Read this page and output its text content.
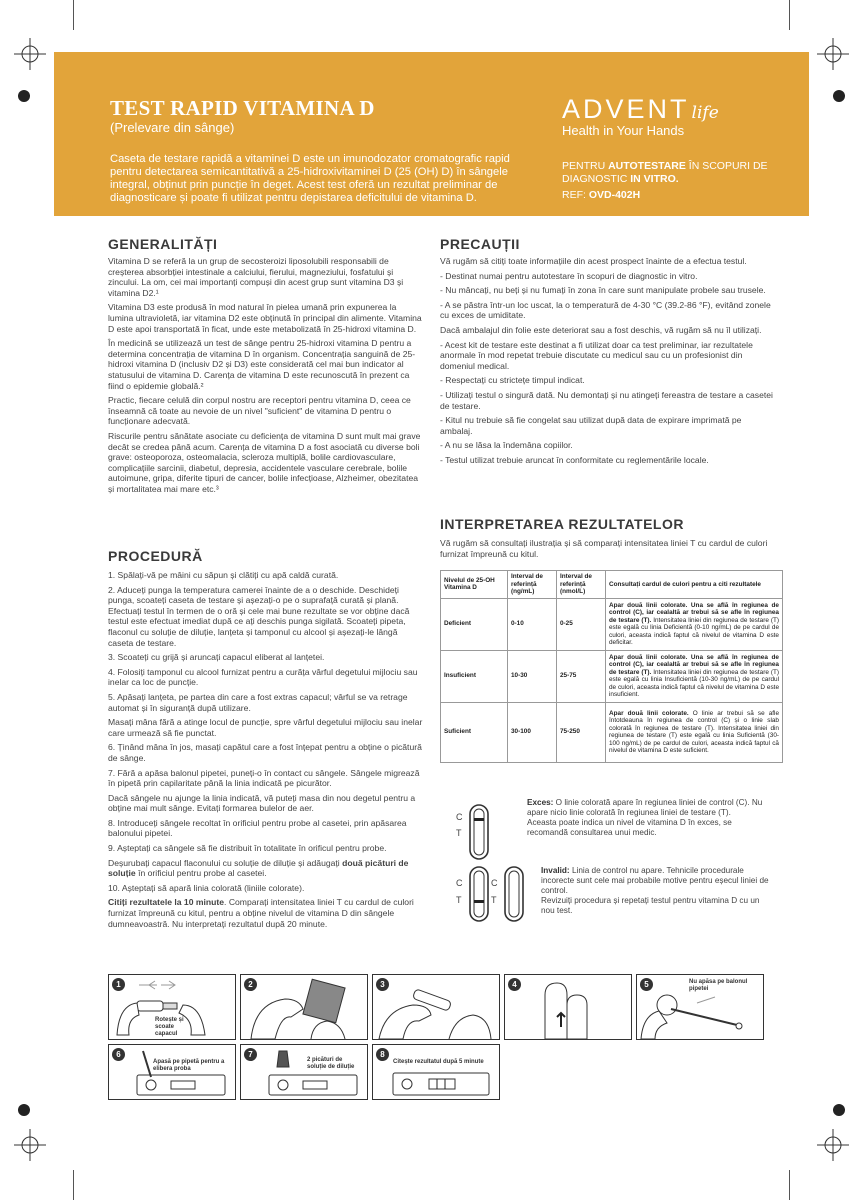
TEST RAPID VITAMINA D
(Prelevare din sânge)
Caseta de testare rapidă a vitaminei D este un imunodozator cromatografic rapid pentru detectarea semicantitativă a 25-hidroxivitaminei D (25 (OH) D) în sângele integral, obținut prin puncție în deget. Acest test oferă un rezultat preliminar de diagnosticare și poate fi utilizat pentru depistarea deficitului de vitamina D.
ADVENT life
Health in Your Hands
PENTRU AUTOTESTARE ÎN SCOPURI DE DIAGNOSTIC IN VITRO.
REF: OVD-402H
GENERALITĂȚI

Vitamina D se referă la un grup de secosteroizi liposolubili responsabili de creșterea absorbției intestinale a calciului, fierului, magneziului, fosfatului și zincului. La om, cei mai importanți compuși din acest grup sunt vitamina D3 și vitamina D2.¹

Vitamina D3 este produsă în mod natural în pielea umană prin expunerea la lumina ultravioletă, iar vitamina D2 este obținută în principal din alimente. Vitamina D este apoi transportată în ficat, unde este metabolizată în 25-hidroxi vitamina D.

În medicină se utilizează un test de sânge pentru 25-hidroxi vitamina D pentru a determina concentrația de vitamina D în organism. Concentrația sanguină de 25-hidroxi vitamina D (inclusiv D2 și D3) este considerată cel mai bun indicator al statusului de vitamina D. Carența de vitamina D este recunoscută în prezent ca fiind o epidemie globală.²

Practic, fiecare celulă din corpul nostru are receptori pentru vitamina D, ceea ce înseamnă că toate au nevoie de un nivel "suficient" de vitamina D pentru o funcționare adecvată.

Riscurile pentru sănătate asociate cu deficiența de vitamina D sunt mult mai grave decât se credea până acum. Carența de vitamina D a fost asociată cu diverse boli grave: osteoporoza, osteomalacia, scleroza multiplă, bolile cardiovasculare, complicațiile sarcinii, diabetul, depresia, accidentele vasculare cerebrale, bolile autoimune, gripa, diferite tipuri de cancer, bolile infecțioase, Alzheimer, obezitatea și mortalitatea mai mare etc.³

PROCEDURĂ

1. Spălați-vă pe mâini cu săpun și clătiți cu apă caldă curată.

2. Aduceți punga la temperatura camerei înainte de a o deschide. Deschideți punga, scoateți caseta de testare și așezați-o pe o suprafață curată și plană. Efectuați testul în termen de o oră și cele mai bune rezultate se vor obține dacă testul este efectuat imediat după ce ați deschis punga sigilată. Scoateți pipeta, flaconul cu soluție de diluție, lanțeta și tamponul cu alcool și așezați-le lângă caseta de testare.

3. Scoateți cu grijă și aruncați capacul eliberat al lanțetei.

4. Folosiți tamponul cu alcool furnizat pentru a curăța vârful degetului mijlociu sau inelar ca loc de puncție.

5. Apăsați lanțeta, pe partea din care a fost extras capacul; vârful se va retrage automat și în siguranță după utilizare.

Masați mâna fără a atinge locul de puncție, spre vârful degetului mijlociu sau inelar care urmează să fie punctat.

6. Ținând mâna în jos, masați capătul care a fost înțepat pentru a obține o picătură de sânge.

7. Fără a apăsa balonul pipetei, puneți-o în contact cu sângele. Sângele migrează în pipetă prin capilaritate până la linia indicată pe picurător.

Dacă sângele nu ajunge la linia indicată, vă puteți masa din nou degetul pentru a obține mai mult sânge. Evitați formarea bulelor de aer.

8. Introduceți sângele recoltat în orificiul pentru probe al casetei, prin apăsarea balonului pipetei.

9. Așteptați ca sângele să fie distribuit în totalitate în orificul pentru probe.

Deșurubați capacul flaconului cu soluție de diluție și adăugați două picături de soluție în orificiul pentru probe al casetei.

10. Așteptați să apară linia colorată (liniile colorate).

Citiți rezultatele la 10 minute. Comparați intensitatea liniei T cu cardul de culori furnizat împreună cu kitul, pentru a obține nivelul de vitamina D din sângele dumneavoastră. Nu interpretați rezultatul după 20 minute.

PRECAUȚII

Vă rugăm să citiți toate informațiile din acest prospect înainte de a efectua testul.

- Destinat numai pentru autotestare în scopuri de diagnostic in vitro.

- Nu mâncați, nu beți și nu fumați în zona în care sunt manipulate probele sau trusele.

- A se păstra într-un loc uscat, la o temperatură de 4-30 °C (39.2-86 °F), evitând zonele cu exces de umiditate.

Dacă ambalajul din folie este deteriorat sau a fost deschis, vă rugăm să nu îl utilizați.

- Acest kit de testare este destinat a fi utilizat doar ca test preliminar, iar rezultatele anormale în mod repetat trebuie discutate cu medicul sau cu un profesionist din domeniul medical.

- Respectați cu strictețe timpul indicat.

- Utilizați testul o singură dată. Nu demontați și nu atingeți fereastra de testare a casetei de testare.

- Kitul nu trebuie să fie congelat sau utilizat după data de expirare imprimată pe ambalaj.

- A nu se lăsa la îndemâna copiilor.

- Testul utilizat trebuie aruncat în conformitate cu reglementările locale.

INTERPRETAREA REZULTATELOR
Vă rugăm să consultați ilustrația și să comparați intensitatea liniei T cu cardul de culori furnizat împreună cu kitul.
Nivelul de 25-OH Vitamina D	Interval de referință (ng/mL)	Interval de referință (nmol/L)	Consultați cardul de culori pentru a citi rezultatele
Deficient	0-10	0-25	Apar două linii colorate. Una se află în regiunea de control (C), iar cealaltă ar trebui să se afle în regiunea de testare (T). Intensitatea liniei din regiunea de testare (T) este egală cu linia Deficientă (0-10 ng/mL) de pe cardul de culori, aceasta indică faptul că nivelul de vitamina D este deficitar.
Insuficient	10-30	25-75	Apar două linii colorate. Una se află în regiunea de control (C), iar cealaltă ar trebui să se afle în regiunea de testare (T). Intensitatea liniei din regiunea de testare (T) este egală cu linia Insuficientă (10-30 ng/mL) de pe cardul de culori, aceasta indică faptul că nivelul de vitamina D este insuficient.
Suficient	30-100	75-250	Apar două linii colorate. O linie ar trebui să se afle întotdeauna în regiunea de control (C) și o linie slab colorată în regiunea de testare (T). Intensitatea liniei din regiunea de testare (T) este egală cu linia Suficientă (30-100 ng/mL) de pe cardul de culori, aceasta indică faptul că nivelul de vitamina D este suficient.
C
T
Exces: O linie colorată apare în regiunea liniei de control (C). Nu apare nicio linie colorată în regiunea liniei de testare (T).
Aceasta poate indica un nivel de vitamina D în exces, se recomandă consultarea unui medic.
C
T
C
T
Invalid: Linia de control nu apare. Tehnicile procedurale incorecte sunt cele mai probabile motive pentru eșecul liniei de control.
Revizuiți procedura și repetați testul pentru vitamina D cu un nou test.
1
Rotește și scoate capacul
2	3	4	5	Nu apăsa pe balonul pipetei
6
Apasă pe pipetă pentru a elibera proba
7
2 picături de soluție de diluție
8
Citește rezultatul după 5 minute
